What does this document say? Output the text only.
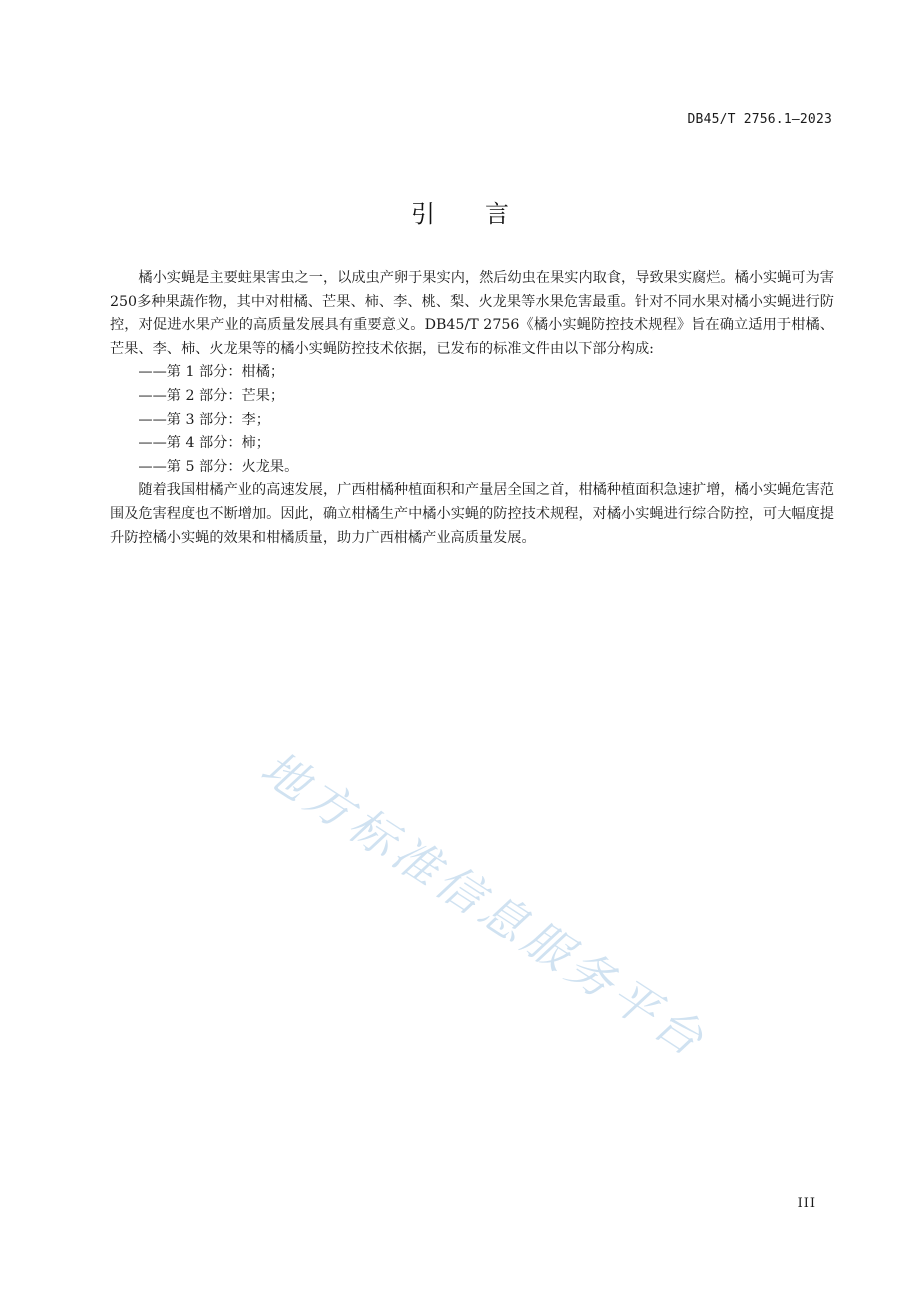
DB45/T 2756.1—2023
引言

橘小实蝇是主要蛀果害虫之一，以成虫产卵于果实内，然后幼虫在果实内取食，导致果实腐烂。橘小实蝇可为害250多种果蔬作物，其中对柑橘、芒果、柿、李、桃、梨、火龙果等水果危害最重。针对不同水果对橘小实蝇进行防控，对促进水果产业的高质量发展具有重要意义。DB45/T 2756《橘小实蝇防控技术规程》旨在确立适用于柑橘、芒果、李、柿、火龙果等的橘小实蝇防控技术依据，已发布的标准文件由以下部分构成:

——第 1 部分：柑橘；

——第 2 部分：芒果；

——第 3 部分：李；

——第 4 部分：柿；

——第 5 部分：火龙果。

随着我国柑橘产业的高速发展，广西柑橘种植面积和产量居全国之首，柑橘种植面积急速扩增，橘小实蝇危害范围及危害程度也不断增加。因此，确立柑橘生产中橘小实蝇的防控技术规程，对橘小实蝇进行综合防控，可大幅度提升防控橘小实蝇的效果和柑橘质量，助力广西柑橘产业高质量发展。

地方标准信息服务平台
III
